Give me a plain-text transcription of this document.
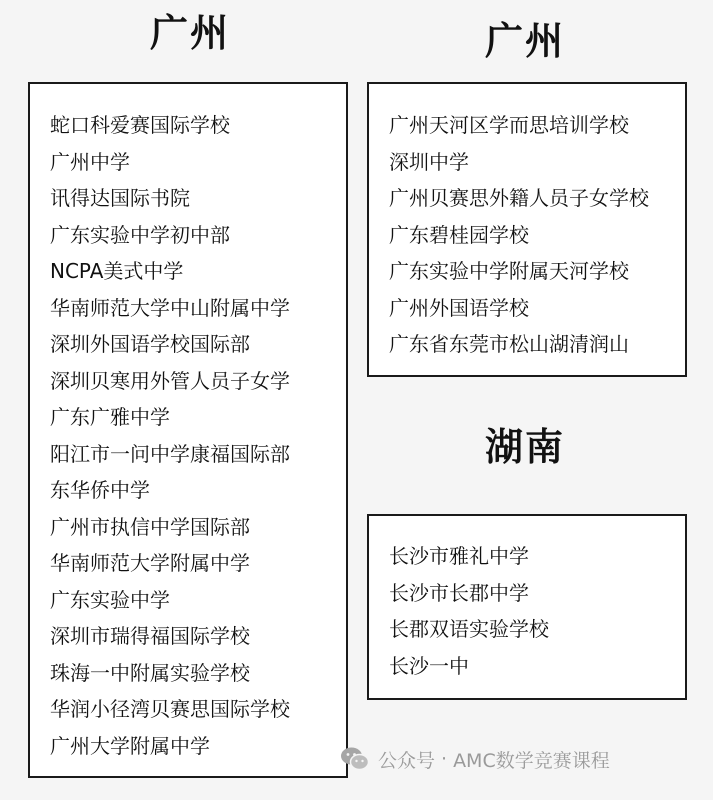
广州	广州
湖南
蛇口科爱赛国际学校
广州中学
讯得达国际书院
广东实验中学初中部
NCPA美式中学
华南师范大学中山附属中学
深圳外国语学校国际部
深圳贝寒用外管人员子女学
广东广雅中学
阳江市一问中学康福国际部
东华侨中学
广州市执信中学国际部
华南师范大学附属中学
广东实验中学
深圳市瑞得福国际学校
珠海一中附属实验学校
华润小径湾贝赛思国际学校
广州大学附属中学
广州天河区学而思培训学校
深圳中学
广州贝赛思外籍人员子女学校
广东碧桂园学校
广东实验中学附属天河学校
广州外国语学校
广东省东莞市松山湖清润山
长沙市雅礼中学
长沙市长郡中学
长郡双语实验学校
长沙一中
公众号 · AMC数学竞赛课程
